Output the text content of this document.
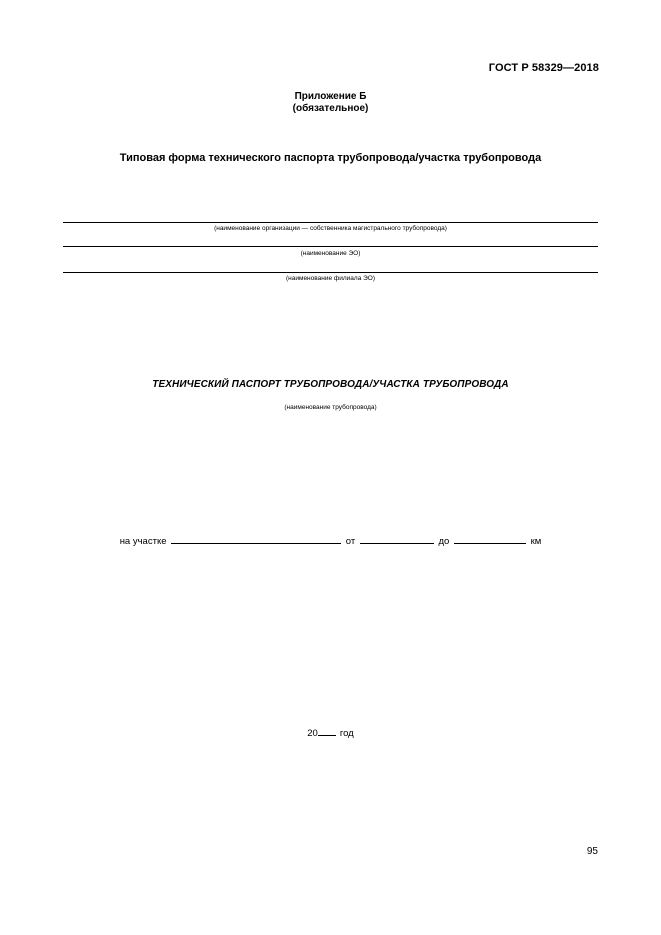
ГОСТ Р 58329—2018
Приложение Б
(обязательное)
Типовая форма технического паспорта трубопровода/участка трубопровода
(наименование организации — собственника магистрального трубопровода)
(наименование ЭО)
(наименование филиала ЭО)
ТЕХНИЧЕСКИЙ ПАСПОРТ ТРУБОПРОВОДА/УЧАСТКА ТРУБОПРОВОДА
(наименование трубопровода)
на участке	от	до	км
20 год
95
